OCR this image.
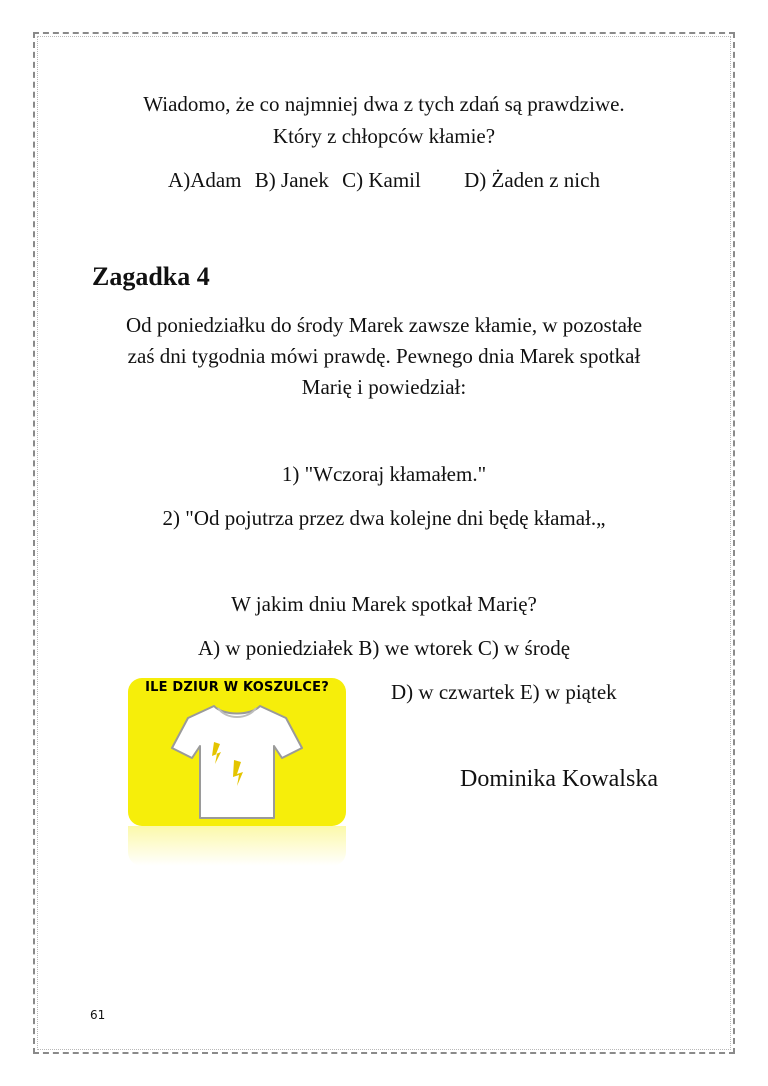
Wiadomo, że co najmniej dwa z tych zdań są prawdziwe.
Który z chłopców kłamie?
A)Adam B) Janek C) Kamil D) Żaden z nich
Zagadka 4
Od poniedziałku do środy Marek zawsze kłamie, w pozostałe
zaś dni tygodnia mówi prawdę. Pewnego dnia Marek spotkał
Marię i powiedział:
1) "Wczoraj kłamałem."
2) "Od pojutrza przez dwa kolejne dni będę kłamał.„
W jakim dniu Marek spotkał Marię?
A) w poniedziałek B) we wtorek C) w środę
D) w czwartek E) w piątek
ILE DZIUR W KOSZULCE?
Dominika Kowalska
61
